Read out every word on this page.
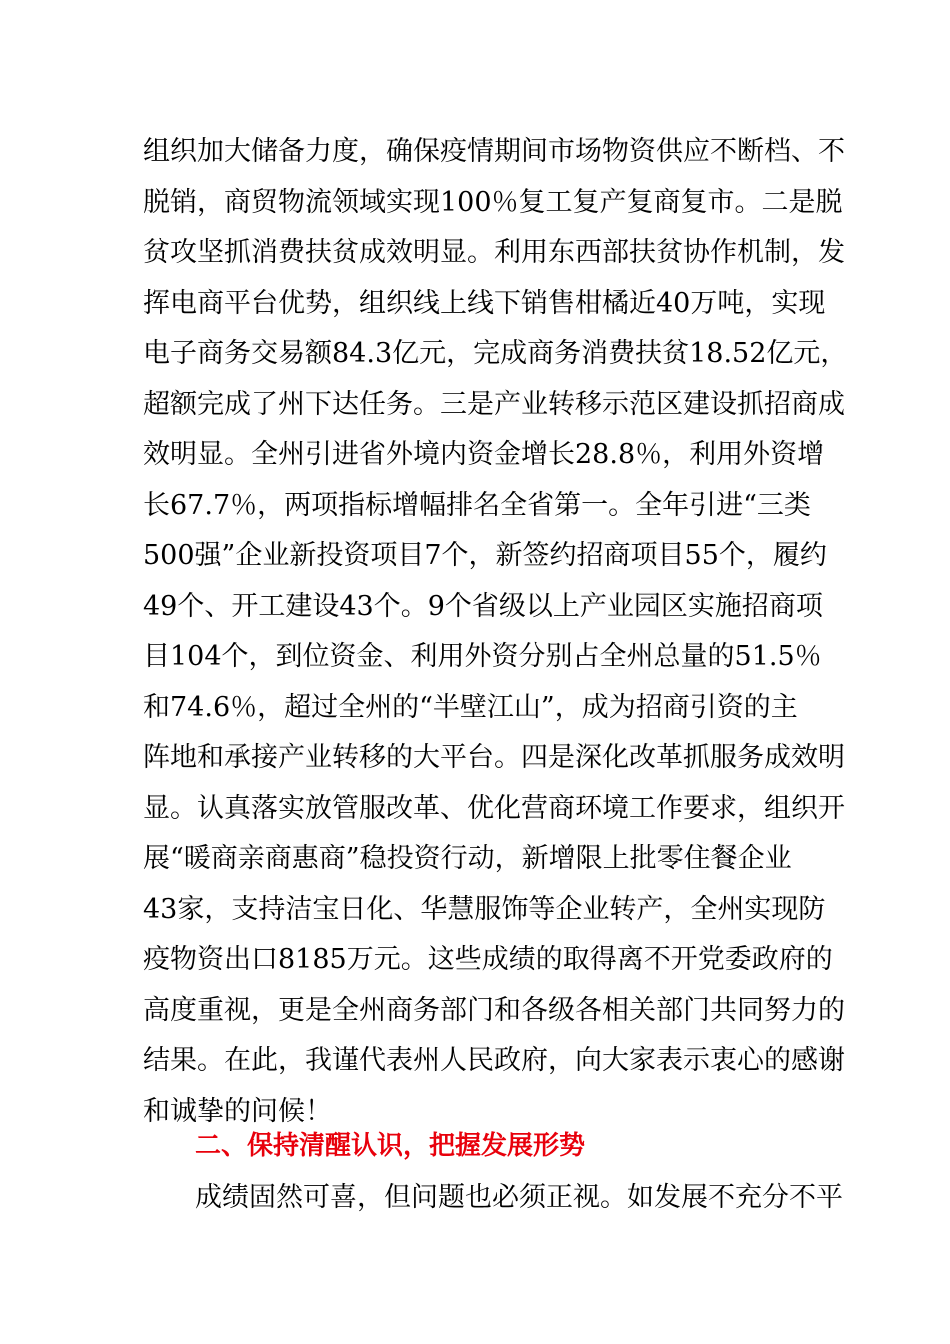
组织加大储备力度，确保疫情期间市场物资供应不断档、不
脱销，商贸物流领域实现100％复工复产复商复市。二是脱
贫攻坚抓消费扶贫成效明显。利用东西部扶贫协作机制，发
挥电商平台优势，组织线上线下销售柑橘近40万吨，实现
电子商务交易额84.3亿元，完成商务消费扶贫18.52亿元，
超额完成了州下达任务。三是产业转移示范区建设抓招商成
效明显。全州引进省外境内资金增长28.8％，利用外资增
长67.7％，两项指标增幅排名全省第一。全年引进“三类
500强”企业新投资项目7个，新签约招商项目55个，履约
49个、开工建设43个。9个省级以上产业园区实施招商项
目104个，到位资金、利用外资分别占全州总量的51.5％
和74.6％，超过全州的“半壁江山”，成为招商引资的主
阵地和承接产业转移的大平台。四是深化改革抓服务成效明
显。认真落实放管服改革、优化营商环境工作要求，组织开
展“暖商亲商惠商”稳投资行动，新增限上批零住餐企业
43家，支持洁宝日化、华慧服饰等企业转产，全州实现防
疫物资出口8185万元。这些成绩的取得离不开党委政府的
高度重视，更是全州商务部门和各级各相关部门共同努力的
结果。在此，我谨代表州人民政府，向大家表示衷心的感谢
和诚挚的问候！
二、保持清醒认识，把握发展形势

成绩固然可喜，但问题也必须正视。如发展不充分不平
